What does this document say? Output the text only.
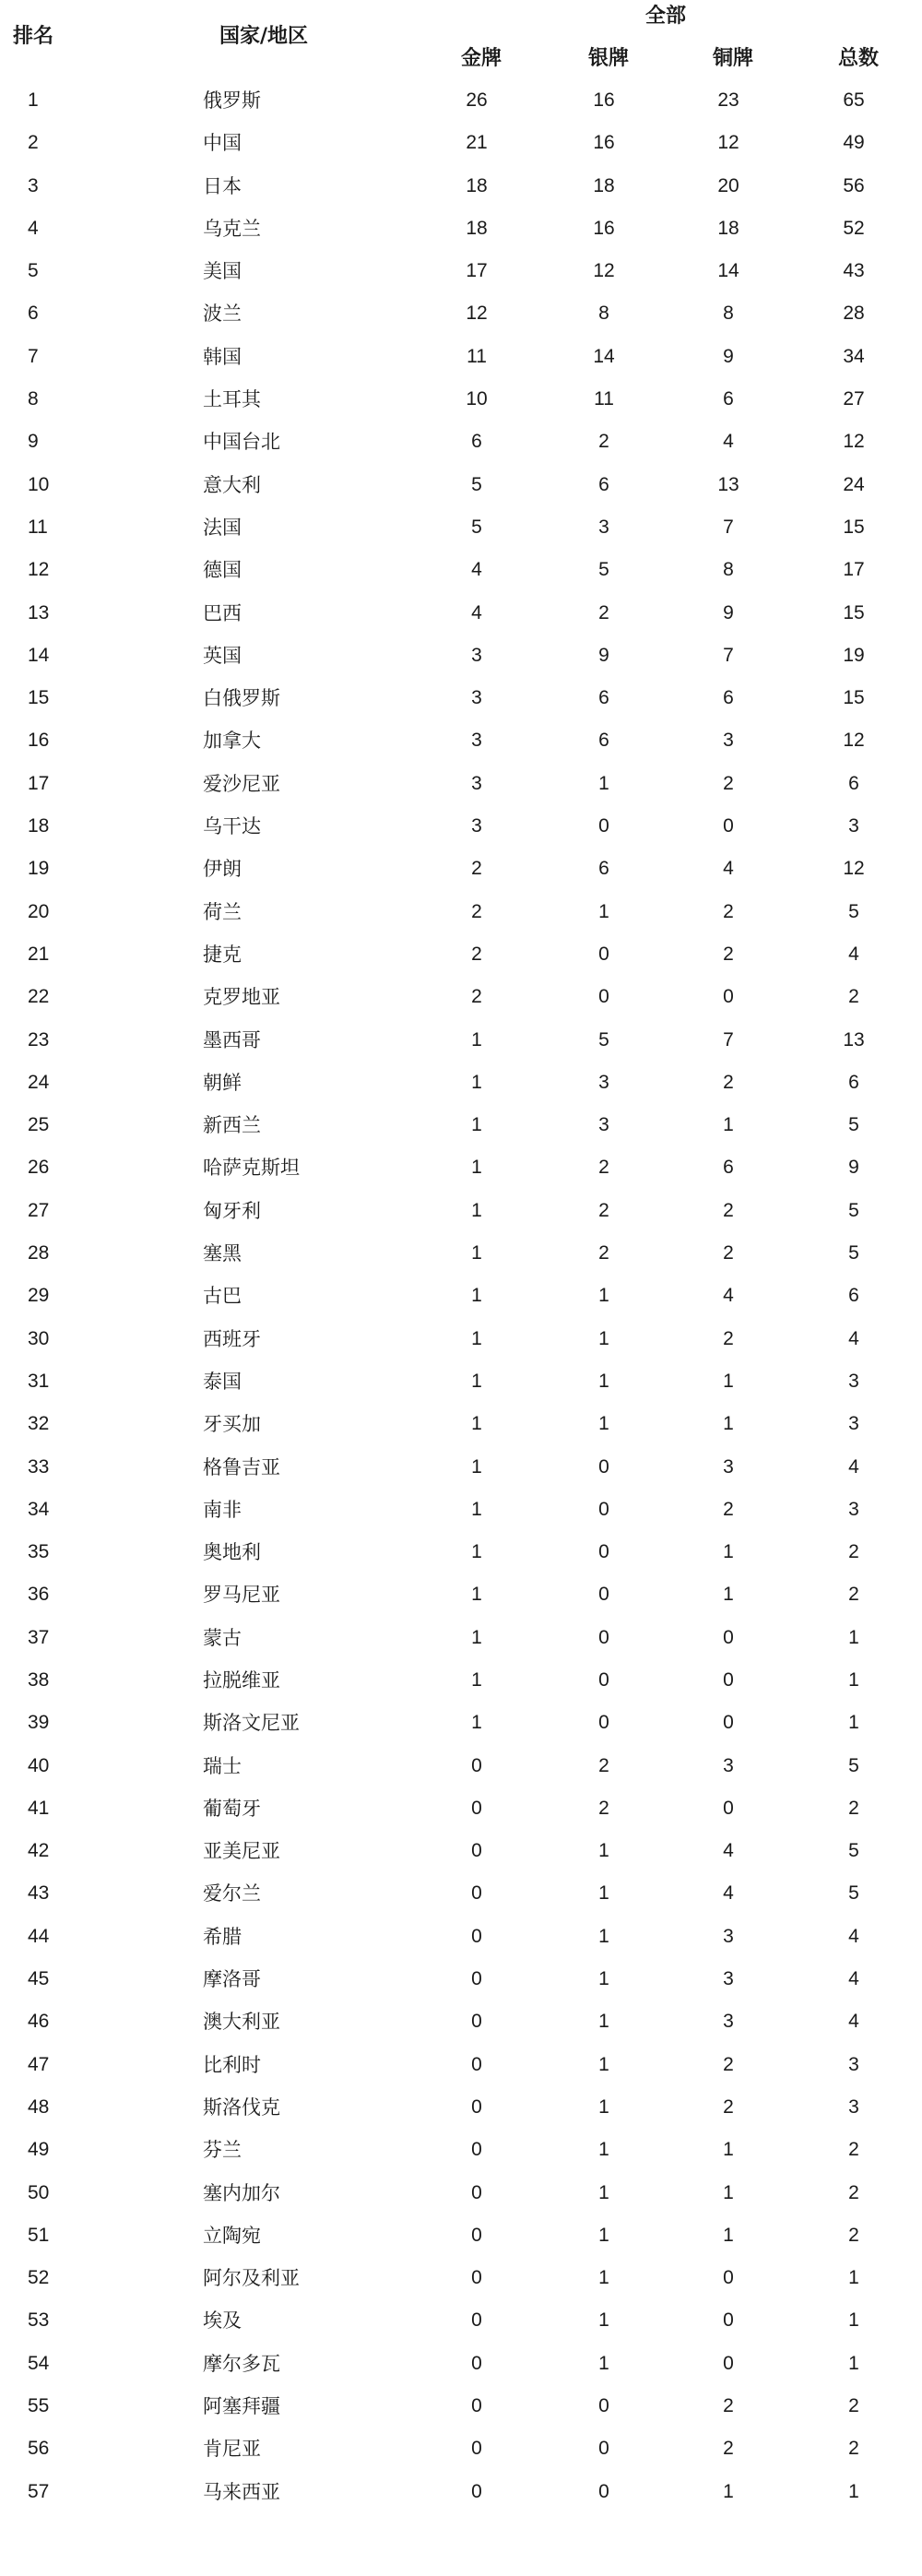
排名	国家/地区
全部
金牌	银牌	铜牌	总数
1	俄罗斯	26	16	23	65
2	中国	21	16	12	49
3	日本	18	18	20	56
4	乌克兰	18	16	18	52
5	美国	17	12	14	43
6	波兰	12	8	8	28
7	韩国	11	14	9	34
8	土耳其	10	11	6	27
9	中国台北	6	2	4	12
10	意大利	5	6	13	24
11	法国	5	3	7	15
12	德国	4	5	8	17
13	巴西	4	2	9	15
14	英国	3	9	7	19
15	白俄罗斯	3	6	6	15
16	加拿大	3	6	3	12
17	爱沙尼亚	3	1	2	6
18	乌干达	3	0	0	3
19	伊朗	2	6	4	12
20	荷兰	2	1	2	5
21	捷克	2	0	2	4
22	克罗地亚	2	0	0	2
23	墨西哥	1	5	7	13
24	朝鲜	1	3	2	6
25	新西兰	1	3	1	5
26	哈萨克斯坦	1	2	6	9
27	匈牙利	1	2	2	5
28	塞黑	1	2	2	5
29	古巴	1	1	4	6
30	西班牙	1	1	2	4
31	泰国	1	1	1	3
32	牙买加	1	1	1	3
33	格鲁吉亚	1	0	3	4
34	南非	1	0	2	3
35	奥地利	1	0	1	2
36	罗马尼亚	1	0	1	2
37	蒙古	1	0	0	1
38	拉脱维亚	1	0	0	1
39	斯洛文尼亚	1	0	0	1
40	瑞士	0	2	3	5
41	葡萄牙	0	2	0	2
42	亚美尼亚	0	1	4	5
43	爱尔兰	0	1	4	5
44	希腊	0	1	3	4
45	摩洛哥	0	1	3	4
46	澳大利亚	0	1	3	4
47	比利时	0	1	2	3
48	斯洛伐克	0	1	2	3
49	芬兰	0	1	1	2
50	塞内加尔	0	1	1	2
51	立陶宛	0	1	1	2
52	阿尔及利亚	0	1	0	1
53	埃及	0	1	0	1
54	摩尔多瓦	0	1	0	1
55	阿塞拜疆	0	0	2	2
56	肯尼亚	0	0	2	2
57	马来西亚	0	0	1	1
